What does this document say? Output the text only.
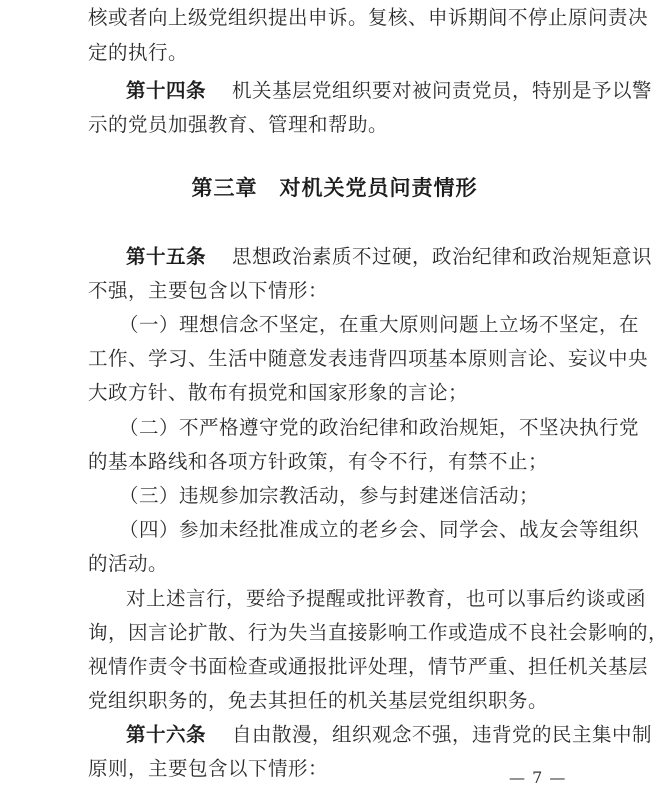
核或者向上级党组织提出申诉。复核、申诉期间不停止原问责决
定的执行。
第十四条 机关基层党组织要对被问责党员，特别是予以警
示的党员加强教育、管理和帮助。
第三章　对机关党员问责情形
第十五条 思想政治素质不过硬，政治纪律和政治规矩意识
不强，主要包含以下情形：
（一）理想信念不坚定，在重大原则问题上立场不坚定，在
工作、学习、生活中随意发表违背四项基本原则言论、妄议中央
大政方针、散布有损党和国家形象的言论；
（二）不严格遵守党的政治纪律和政治规矩，不坚决执行党
的基本路线和各项方针政策，有令不行，有禁不止；
（三）违规参加宗教活动，参与封建迷信活动；
（四）参加未经批准成立的老乡会、同学会、战友会等组织
的活动。
对上述言行，要给予提醒或批评教育，也可以事后约谈或函
询，因言论扩散、行为失当直接影响工作或造成不良社会影响的，
视情作责令书面检查或通报批评处理，情节严重、担任机关基层
党组织职务的，免去其担任的机关基层党组织职务。
第十六条 自由散漫，组织观念不强，违背党的民主集中制
原则，主要包含以下情形：	— 7 —
